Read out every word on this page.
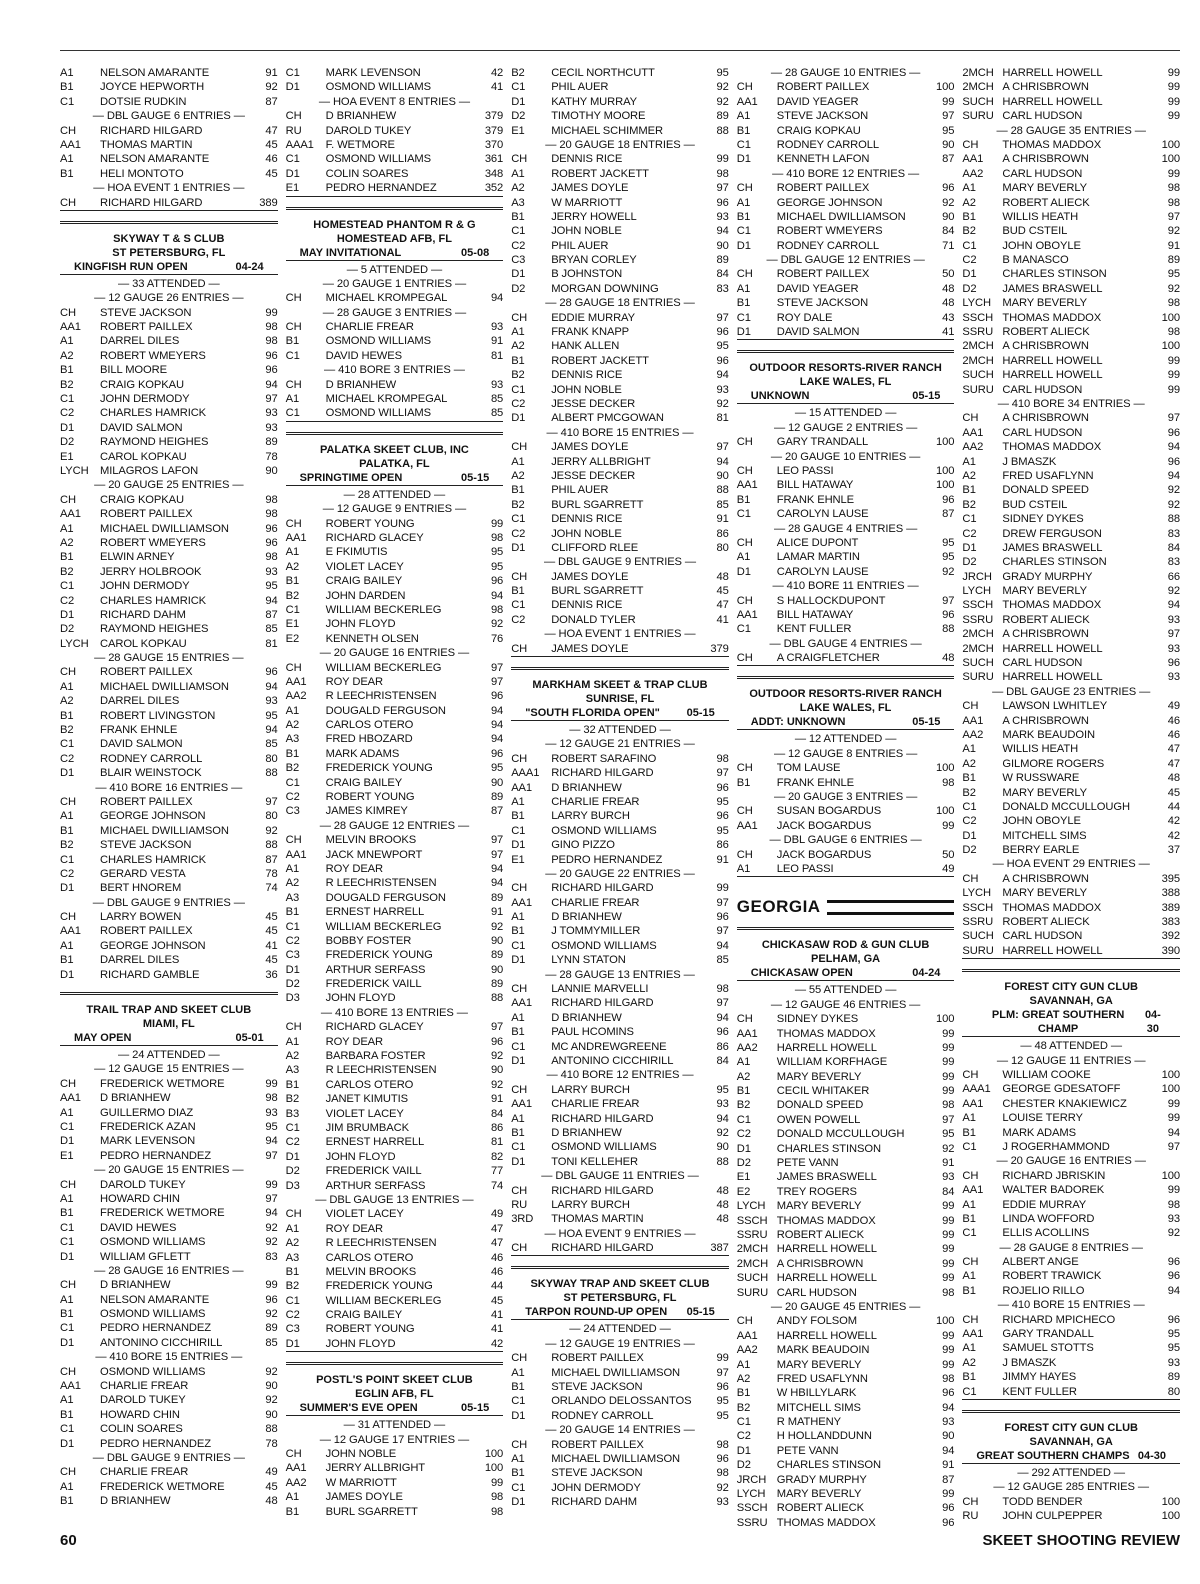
A1	NELSON AMARANTE	91
B1	JOYCE HEPWORTH	92
C1	DOTSIE RUDKIN	87
— DBL GAUGE 6 ENTRIES —
CH	RICHARD HILGARD	47
AA1	THOMAS MARTIN	45
A1	NELSON AMARANTE	46
B1	HELI MONTOTO	45
— HOA EVENT 1 ENTRIES —
CH	RICHARD HILGARD	389
SKYWAY T & S CLUB
ST PETERSBURG, FL
KINGFISH RUN OPEN	04-24
— 33 ATTENDED —
— 12 GAUGE 26 ENTRIES —
CH	STEVE JACKSON	99
AA1	ROBERT PAILLEX	98
A1	DARREL DILES	98
A2	ROBERT WMEYERS	96
B1	BILL MOORE	96
B2	CRAIG KOPKAU	94
C1	JOHN DERMODY	97
C2	CHARLES HAMRICK	93
D1	DAVID SALMON	93
D2	RAYMOND HEIGHES	89
E1	CAROL KOPKAU	78
LYCH	MILAGROS LAFON	90
— 20 GAUGE 25 ENTRIES —
CH	CRAIG KOPKAU	98
AA1	ROBERT PAILLEX	98
A1	MICHAEL DWILLIAMSON	96
A2	ROBERT WMEYERS	96
B1	ELWIN ARNEY	98
B2	JERRY HOLBROOK	93
C1	JOHN DERMODY	95
C2	CHARLES HAMRICK	94
D1	RICHARD DAHM	87
D2	RAYMOND HEIGHES	85
LYCH	CAROL KOPKAU	81
— 28 GAUGE 15 ENTRIES —
CH	ROBERT PAILLEX	96
A1	MICHAEL DWILLIAMSON	94
A2	DARREL DILES	93
B1	ROBERT LIVINGSTON	95
B2	FRANK EHNLE	94
C1	DAVID SALMON	85
C2	RODNEY CARROLL	80
D1	BLAIR WEINSTOCK	88
— 410 BORE 16 ENTRIES —
CH	ROBERT PAILLEX	97
A1	GEORGE JOHNSON	80
B1	MICHAEL DWILLIAMSON	92
B2	STEVE JACKSON	88
C1	CHARLES HAMRICK	87
C2	GERARD VESTA	78
D1	BERT HNOREM	74
— DBL GAUGE 9 ENTRIES —
CH	LARRY BOWEN	45
AA1	ROBERT PAILLEX	45
A1	GEORGE JOHNSON	41
B1	DARREL DILES	45
D1	RICHARD GAMBLE	36
TRAIL TRAP AND SKEET CLUB
MIAMI, FL
MAY OPEN	05-01
— 24 ATTENDED —
— 12 GAUGE 15 ENTRIES —
CH	FREDERICK WETMORE	99
AA1	D BRIANHEW	98
A1	GUILLERMO DIAZ	93
C1	FREDERICK AZAN	95
D1	MARK LEVENSON	94
E1	PEDRO HERNANDEZ	97
— 20 GAUGE 15 ENTRIES —
CH	DAROLD TUKEY	99
A1	HOWARD CHIN	97
B1	FREDERICK WETMORE	94
C1	DAVID HEWES	92
C1	OSMOND WILLIAMS	92
D1	WILLIAM GFLETT	83
— 28 GAUGE 16 ENTRIES —
CH	D BRIANHEW	99
A1	NELSON AMARANTE	96
B1	OSMOND WILLIAMS	92
C1	PEDRO HERNANDEZ	89
D1	ANTONINO CICCHIRILL	85
— 410 BORE 15 ENTRIES —
CH	OSMOND WILLIAMS	92
AA1	CHARLIE FREAR	90
A1	DAROLD TUKEY	92
B1	HOWARD CHIN	90
C1	COLIN SOARES	88
D1	PEDRO HERNANDEZ	78
— DBL GAUGE 9 ENTRIES —
CH	CHARLIE FREAR	49
A1	FREDERICK WETMORE	45
B1	D BRIANHEW	48
C1	MARK LEVENSON	42
D1	OSMOND WILLIAMS	41
— HOA EVENT 8 ENTRIES —
CH	D BRIANHEW	379
RU	DAROLD TUKEY	379
AAA1	F. WETMORE	370
C1	OSMOND WILLIAMS	361
D1	COLIN SOARES	348
E1	PEDRO HERNANDEZ	352
HOMESTEAD PHANTOM R & G
HOMESTEAD AFB, FL
MAY INVITATIONAL	05-08
— 5 ATTENDED —
— 20 GAUGE 1 ENTRIES —
CH	MICHAEL KROMPEGAL	94
— 28 GAUGE 3 ENTRIES —
CH	CHARLIE FREAR	93
B1	OSMOND WILLIAMS	91
C1	DAVID HEWES	81
— 410 BORE 3 ENTRIES —
CH	D BRIANHEW	93
A1	MICHAEL KROMPEGAL	85
C1	OSMOND WILLIAMS	85
PALATKA SKEET CLUB, INC
PALATKA, FL
SPRINGTIME OPEN	05-15
— 28 ATTENDED —
— 12 GAUGE 9 ENTRIES —
CH	ROBERT YOUNG	99
AA1	RICHARD GLACEY	98
A1	E FKIMUTIS	95
A2	VIOLET LACEY	95
B1	CRAIG BAILEY	96
B2	JOHN DARDEN	94
C1	WILLIAM BECKERLEG	98
E1	JOHN FLOYD	92
E2	KENNETH OLSEN	76
— 20 GAUGE 16 ENTRIES —
CH	WILLIAM BECKERLEG	97
AA1	ROY DEAR	97
AA2	R LEECHRISTENSEN	96
A1	DOUGALD FERGUSON	94
A2	CARLOS OTERO	94
A3	FRED HBOZARD	94
B1	MARK ADAMS	96
B2	FREDERICK YOUNG	95
C1	CRAIG BAILEY	90
C2	ROBERT YOUNG	89
C3	JAMES KIMREY	87
— 28 GAUGE 12 ENTRIES —
CH	MELVIN BROOKS	97
AA1	JACK MNEWPORT	97
A1	ROY DEAR	94
A2	R LEECHRISTENSEN	94
A3	DOUGALD FERGUSON	89
B1	ERNEST HARRELL	91
C1	WILLIAM BECKERLEG	92
C2	BOBBY FOSTER	90
C3	FREDERICK YOUNG	89
D1	ARTHUR SERFASS	90
D2	FREDERICK VAILL	89
D3	JOHN FLOYD	88
— 410 BORE 13 ENTRIES —
CH	RICHARD GLACEY	97
A1	ROY DEAR	96
A2	BARBARA FOSTER	92
A3	R LEECHRISTENSEN	90
B1	CARLOS OTERO	92
B2	JANET KIMUTIS	91
B3	VIOLET LACEY	84
C1	JIM BRUMBACK	86
C2	ERNEST HARRELL	81
D1	JOHN FLOYD	82
D2	FREDERICK VAILL	77
D3	ARTHUR SERFASS	74
— DBL GAUGE 13 ENTRIES —
CH	VIOLET LACEY	49
A1	ROY DEAR	47
A2	R LEECHRISTENSEN	47
A3	CARLOS OTERO	46
B1	MELVIN BROOKS	46
B2	FREDERICK YOUNG	44
C1	WILLIAM BECKERLEG	45
C2	CRAIG BAILEY	41
C3	ROBERT YOUNG	41
D1	JOHN FLOYD	42
POSTL'S POINT SKEET CLUB
EGLIN AFB, FL
SUMMER'S EVE OPEN	05-15
— 31 ATTENDED —
— 12 GAUGE 17 ENTRIES —
CH	JOHN NOBLE	100
AA1	JERRY ALLBRIGHT	100
AA2	W MARRIOTT	99
A1	JAMES DOYLE	98
B1	BURL SGARRETT	98
B2	CECIL NORTHCUTT	95
C1	PHIL AUER	92
D1	KATHY MURRAY	92
D2	TIMOTHY MOORE	89
E1	MICHAEL SCHIMMER	88
— 20 GAUGE 18 ENTRIES —
CH	DENNIS RICE	99
A1	ROBERT JACKETT	98
A2	JAMES DOYLE	97
A3	W MARRIOTT	96
B1	JERRY HOWELL	93
C1	JOHN NOBLE	94
C2	PHIL AUER	90
C3	BRYAN CORLEY	89
D1	B JOHNSTON	84
D2	MORGAN DOWNING	83
— 28 GAUGE 18 ENTRIES —
CH	EDDIE MURRAY	97
A1	FRANK KNAPP	96
A2	HANK ALLEN	95
B1	ROBERT JACKETT	96
B2	DENNIS RICE	94
C1	JOHN NOBLE	93
C2	JESSE DECKER	92
D1	ALBERT PMCGOWAN	81
— 410 BORE 15 ENTRIES —
CH	JAMES DOYLE	97
A1	JERRY ALLBRIGHT	94
A2	JESSE DECKER	90
B1	PHIL AUER	88
B2	BURL SGARRETT	85
C1	DENNIS RICE	91
C2	JOHN NOBLE	86
D1	CLIFFORD RLEE	80
— DBL GAUGE 9 ENTRIES —
CH	JAMES DOYLE	48
B1	BURL SGARRETT	45
C1	DENNIS RICE	47
C2	DONALD TYLER	41
— HOA EVENT 1 ENTRIES —
CH	JAMES DOYLE	379
MARKHAM SKEET & TRAP CLUB
SUNRISE, FL
"SOUTH FLORIDA OPEN" 05-15
— 32 ATTENDED —
— 12 GAUGE 21 ENTRIES —
CH	ROBERT SARAFINO	98
AAA1	RICHARD HILGARD	97
AA1	D BRIANHEW	96
A1	CHARLIE FREAR	95
B1	LARRY BURCH	96
C1	OSMOND WILLIAMS	95
D1	GINO PIZZO	86
E1	PEDRO HERNANDEZ	91
— 20 GAUGE 22 ENTRIES —
CH	RICHARD HILGARD	99
AA1	CHARLIE FREAR	97
A1	D BRIANHEW	96
B1	J TOMMYMILLER	97
C1	OSMOND WILLIAMS	94
D1	LYNN STATON	85
— 28 GAUGE 13 ENTRIES —
CH	LANNIE MARVELLI	98
AA1	RICHARD HILGARD	97
A1	D BRIANHEW	94
B1	PAUL HCOMINS	96
C1	MC ANDREWGREENE	86
D1	ANTONINO CICCHIRILL	84
— 410 BORE 12 ENTRIES —
CH	LARRY BURCH	95
AA1	CHARLIE FREAR	93
A1	RICHARD HILGARD	94
B1	D BRIANHEW	92
C1	OSMOND WILLIAMS	90
D1	TONI KELLEHER	88
— DBL GAUGE 11 ENTRIES —
CH	RICHARD HILGARD	48
RU	LARRY BURCH	48
3RD	THOMAS MARTIN	48
— HOA EVENT 9 ENTRIES —
CH	RICHARD HILGARD	387
SKYWAY TRAP AND SKEET CLUB
ST PETERSBURG, FL
TARPON ROUND-UP OPEN 05-15
— 24 ATTENDED —
— 12 GAUGE 19 ENTRIES —
CH	ROBERT PAILLEX	99
A1	MICHAEL DWILLIAMSON	97
B1	STEVE JACKSON	96
C1	ORLANDO DELOSSANTOS	95
D1	RODNEY CARROLL	95
— 20 GAUGE 14 ENTRIES —
CH	ROBERT PAILLEX	98
A1	MICHAEL DWILLIAMSON	96
B1	STEVE JACKSON	98
C1	JOHN DERMODY	92
D1	RICHARD DAHM	93
— 28 GAUGE 10 ENTRIES —
CH	ROBERT PAILLEX	100
AA1	DAVID YEAGER	99
A1	STEVE JACKSON	97
B1	CRAIG KOPKAU	95
C1	RODNEY CARROLL	90
D1	KENNETH LAFON	87
— 410 BORE 12 ENTRIES —
CH	ROBERT PAILLEX	96
A1	GEORGE JOHNSON	92
B1	MICHAEL DWILLIAMSON	90
C1	ROBERT WMEYERS	84
D1	RODNEY CARROLL	71
— DBL GAUGE 12 ENTRIES —
CH	ROBERT PAILLEX	50
A1	DAVID YEAGER	48
B1	STEVE JACKSON	48
C1	ROY DALE	43
D1	DAVID SALMON	41
OUTDOOR RESORTS-RIVER RANCH
LAKE WALES, FL
UNKNOWN	05-15
— 15 ATTENDED —
— 12 GAUGE 2 ENTRIES —
CH	GARY TRANDALL	100
— 20 GAUGE 10 ENTRIES —
CH	LEO PASSI	100
AA1	BILL HATAWAY	100
B1	FRANK EHNLE	96
C1	CAROLYN LAUSE	87
— 28 GAUGE 4 ENTRIES —
CH	ALICE DUPONT	95
A1	LAMAR MARTIN	95
D1	CAROLYN LAUSE	92
— 410 BORE 11 ENTRIES —
CH	S HALLOCKDUPONT	97
AA1	BILL HATAWAY	96
C1	KENT FULLER	88
— DBL GAUGE 4 ENTRIES —
CH	A CRAIGFLETCHER	48
OUTDOOR RESORTS-RIVER RANCH
LAKE WALES, FL
ADDT: UNKNOWN	05-15
— 12 ATTENDED —
— 12 GAUGE 8 ENTRIES —
CH	TOM LAUSE	100
B1	FRANK EHNLE	98
— 20 GAUGE 3 ENTRIES —
CH	SUSAN BOGARDUS	100
AA1	JACK BOGARDUS	99
— DBL GAUGE 6 ENTRIES —
CH	JACK BOGARDUS	50
A1	LEO PASSI	49
GEORGIA
CHICKASAW ROD & GUN CLUB
PELHAM, GA
CHICKASAW OPEN	04-24
— 55 ATTENDED —
— 12 GAUGE 46 ENTRIES —
CH	SIDNEY DYKES	100
AA1	THOMAS MADDOX	99
AA2	HARRELL HOWELL	99
A1	WILLIAM KORFHAGE	99
A2	MARY BEVERLY	99
B1	CECIL WHITAKER	99
B2	DONALD SPEED	98
C1	OWEN POWELL	97
C2	DONALD MCCULLOUGH	95
D1	CHARLES STINSON	92
D2	PETE VANN	91
E1	JAMES BRASWELL	93
E2	TREY ROGERS	84
LYCH	MARY BEVERLY	99
SSCH THOMAS MADDOX	99
SSRU ROBERT ALIECK	99
2MCH HARRELL HOWELL	99
2MCH A CHRISBROWN	99
SUCH HARRELL HOWELL	99
SURU CARL HUDSON	98
— 20 GAUGE 45 ENTRIES —
CH	ANDY FOLSOM	100
AA1	HARRELL HOWELL	99
AA2	MARK BEAUDOIN	99
A1	MARY BEVERLY	99
A2	FRED USAFLYNN	98
B1	W HBILLYLARK	96
B2	MITCHELL SIMS	94
C1	R MATHENY	93
C2	H HOLLANDDUNN	90
D1	PETE VANN	94
D2	CHARLES STINSON	91
JRCH GRADY MURPHY	87
LYCH	MARY BEVERLY	99
SSCH ROBERT ALIECK	96
SSRU THOMAS MADDOX	96
2MCH HARRELL HOWELL	99
2MCH A CHRISBROWN	99
SUCH HARRELL HOWELL	99
SURU CARL HUDSON	99
— 28 GAUGE 35 ENTRIES —
CH	THOMAS MADDOX	100
AA1	A CHRISBROWN	100
AA2	CARL HUDSON	99
A1	MARY BEVERLY	98
A2	ROBERT ALIECK	98
B1	WILLIS HEATH	97
B2	BUD CSTEIL	92
C1	JOHN OBOYLE	91
C2	B MANASCO	89
D1	CHARLES STINSON	95
D2	JAMES BRASWELL	92
LYCH	MARY BEVERLY	98
SSCH THOMAS MADDOX	100
SSRU ROBERT ALIECK	98
2MCH A CHRISBROWN	100
2MCH HARRELL HOWELL	99
SUCH HARRELL HOWELL	99
SURU CARL HUDSON	99
— 410 BORE 34 ENTRIES —
CH	A CHRISBROWN	97
AA1	CARL HUDSON	96
AA2	THOMAS MADDOX	94
A1	J BMASZK	96
A2	FRED USAFLYNN	94
B1	DONALD SPEED	92
B2	BUD CSTEIL	92
C1	SIDNEY DYKES	88
C2	DREW FERGUSON	83
D1	JAMES BRASWELL	84
D2	CHARLES STINSON	83
JRCH GRADY MURPHY	66
LYCH	MARY BEVERLY	92
SSCH THOMAS MADDOX	94
SSRU ROBERT ALIECK	93
2MCH A CHRISBROWN	97
2MCH HARRELL HOWELL	93
SUCH CARL HUDSON	96
SURU HARRELL HOWELL	93
— DBL GAUGE 23 ENTRIES —
CH	LAWSON LWHITLEY	49
AA1	A CHRISBROWN	46
AA2	MARK BEAUDOIN	46
A1	WILLIS HEATH	47
A2	GILMORE ROGERS	47
B1	W RUSSWARE	48
B2	MARY BEVERLY	45
C1	DONALD MCCULLOUGH	44
C2	JOHN OBOYLE	42
D1	MITCHELL SIMS	42
D2	BERRY EARLE	37
— HOA EVENT 29 ENTRIES —
CH	A CHRISBROWN	395
LYCH	MARY BEVERLY	388
SSCH THOMAS MADDOX	389
SSRU ROBERT ALIECK	383
SUCH CARL HUDSON	392
SURU HARRELL HOWELL	390
FOREST CITY GUN CLUB
SAVANNAH, GA
PLM: GREAT SOUTHERN CHAMP
04-30
— 48 ATTENDED —
— 12 GAUGE 11 ENTRIES —
CH	WILLIAM COOKE	100
AAA1	GEORGE GDESATOFF	100
AA1	CHESTER KNAKIEWICZ	99
A1	LOUISE TERRY	99
B1	MARK ADAMS	94
C1	J ROGERHAMMOND	97
— 20 GAUGE 16 ENTRIES —
CH	RICHARD JBRISKIN	100
AA1	WALTER BADOREK	99
A1	EDDIE MURRAY	98
B1	LINDA WOFFORD	93
C1	ELLIS ACOLLINS	92
— 28 GAUGE 8 ENTRIES —
CH	ALBERT ANGE	96
A1	ROBERT TRAWICK	96
B1	ROJELIO RILLO	94
— 410 BORE 15 ENTRIES —
CH	RICHARD MPICHECO	96
AA1	GARY TRANDALL	95
A1	SAMUEL STOTTS	95
A2	J BMASZK	93
B1	JIMMY HAYES	89
C1	KENT FULLER	80
FOREST CITY GUN CLUB
SAVANNAH, GA
GREAT SOUTHERN CHAMPS 04-30
— 292 ATTENDED —
— 12 GAUGE 285 ENTRIES —
CH	TODD BENDER	100
RU	JOHN CULPEPPER	100
60	SKEET SHOOTING REVIEW
